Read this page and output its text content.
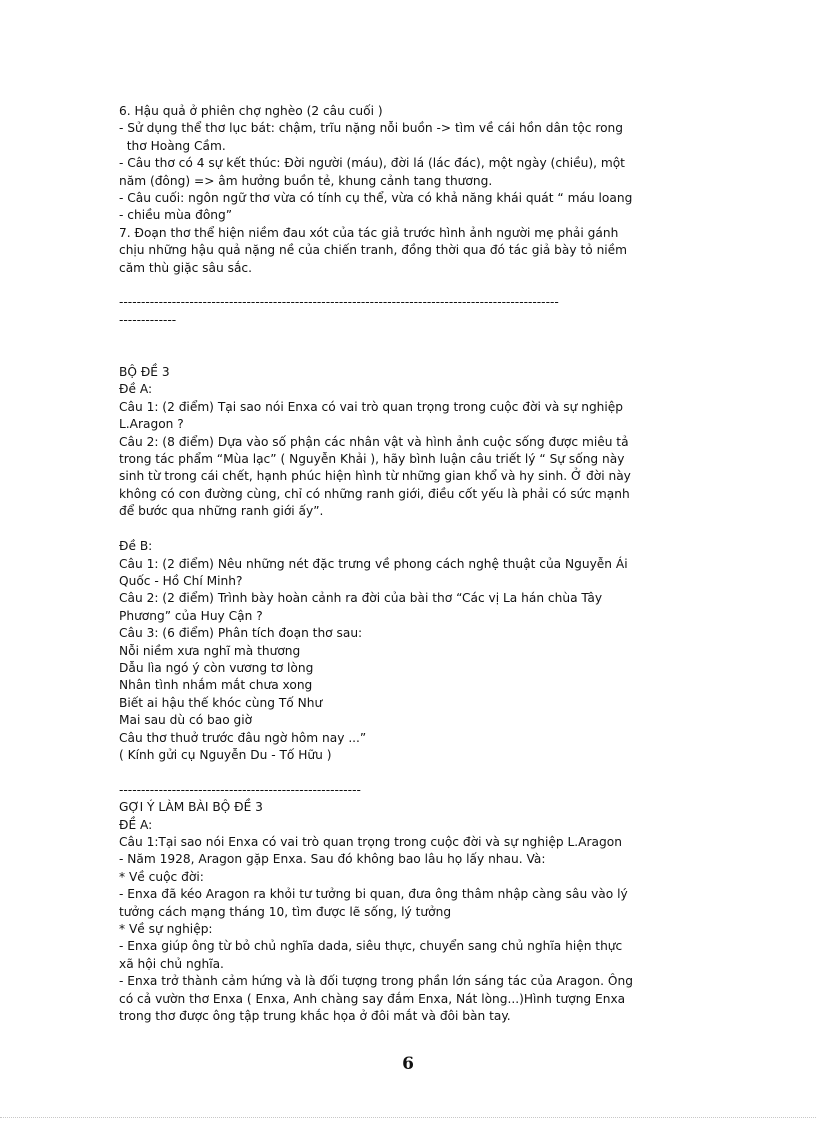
6. Hậu quả ở phiên chợ nghèo (2 câu cuối )
- Sử dụng thể thơ lục bát: chậm, trĩu nặng nỗi buồn -> tìm về cái hồn dân tộc rong
thơ Hoàng Cầm.
- Câu thơ có 4 sự kết thúc: Đời người (máu), đời lá (lác đác), một ngày (chiều), một
năm (đông) => âm hưởng buồn tẻ, khung cảnh tang thương.
- Câu cuối: ngôn ngữ thơ vừa có tính cụ thể, vừa có khả năng khái quát “ máu loang
- chiều mùa đông”
7. Đoạn thơ thể hiện niềm đau xót của tác giả trước hình ảnh người mẹ phải gánh
chịu những hậu quả nặng nề của chiến tranh, đồng thời qua đó tác giả bày tỏ niềm
căm thù giặc sâu sắc.
----------------------------------------------------------------------------------------------------
-------------
BỘ ĐỀ 3
Đề A:
Câu 1: (2 điểm) Tại sao nói Enxa có vai trò quan trọng trong cuộc đời và sự nghiệp
L.Aragon ?
Câu 2: (8 điểm) Dựa vào số phận các nhân vật và hình ảnh cuộc sống được miêu tả
trong tác phẩm “Mùa lạc” ( Nguyễn Khải ), hãy bình luận câu triết lý “ Sự sống này
sinh từ trong cái chết, hạnh phúc hiện hình từ những gian khổ và hy sinh. Ở đời này
không có con đường cùng, chỉ có những ranh giới, điều cốt yếu là phải có sức mạnh
để bước qua những ranh giới ấy”.
Đề B:
Câu 1: (2 điểm) Nêu những nét đặc trưng về phong cách nghệ thuật của Nguyễn Ái
Quốc - Hồ Chí Minh?
Câu 2: (2 điểm) Trình bày hoàn cảnh ra đời của bài thơ “Các vị La hán chùa Tây
Phương” của Huy Cận ?
Câu 3: (6 điểm) Phân tích đoạn thơ sau:
Nỗi niềm xưa nghĩ mà thương
Dẫu lìa ngó ý còn vương tơ lòng
Nhân tình nhắm mắt chưa xong
Biết ai hậu thế khóc cùng Tố Như
Mai sau dù có bao giờ
Câu thơ thuở trước đâu ngờ hôm nay ...”
( Kính gửi cụ Nguyễn Du - Tố Hữu )
-------------------------------------------------------
GỢI Ý LÀM BÀI BỘ ĐỀ 3
ĐỀ A:
Câu 1:Tại sao nói Enxa có vai trò quan trọng trong cuộc đời và sự nghiệp L.Aragon
- Năm 1928, Aragon gặp Enxa. Sau đó không bao lâu họ lấy nhau. Và:
* Về cuộc đời:
- Enxa đã kéo Aragon ra khỏi tư tưởng bi quan, đưa ông thâm nhập càng sâu vào lý
tưởng cách mạng tháng 10, tìm được lẽ sống, lý tưởng
* Về sự nghiệp:
- Enxa giúp ông từ bỏ chủ nghĩa dada, siêu thực, chuyển sang chủ nghĩa hiện thực
xã hội chủ nghĩa.
- Enxa trở thành cảm hứng và là đối tượng trong phần lớn sáng tác của Aragon. Ông
có cả vườn thơ Enxa ( Enxa, Anh chàng say đắm Enxa, Nát lòng...)Hình tượng Enxa
trong thơ được ông tập trung khắc họa ở đôi mắt và đôi bàn tay.
6
